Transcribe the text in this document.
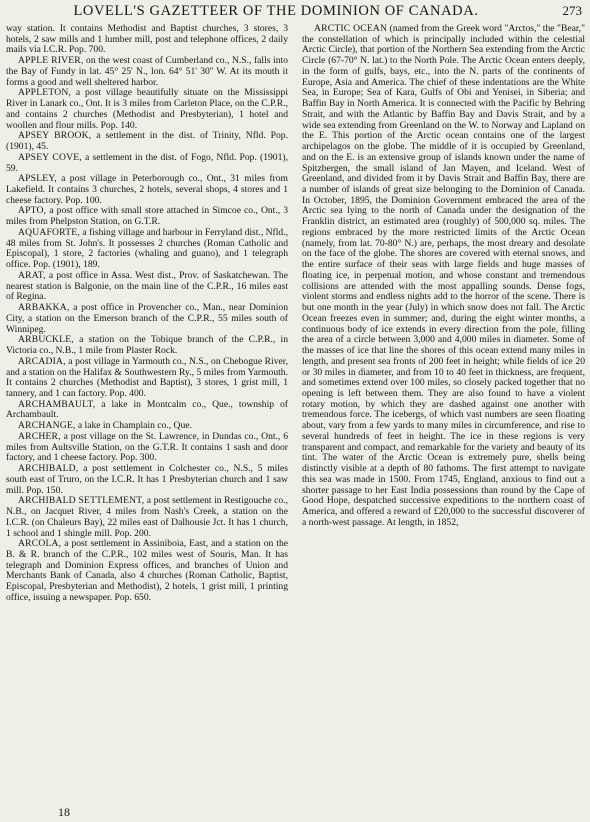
LOVELL'S GAZETTEER OF THE DOMINION OF CANADA.	273

way station. It contains Methodist and Baptist churches, 3 stores, 3 hotels, 2 saw mills and 1 lumber mill, post and telephone offices, 2 daily mails via I.C.R. Pop. 700.

APPLE RIVER, on the west coast of Cumberland co., N.S., falls into the Bay of Fundy in lat. 45° 25' N., lon. 64° 51' 30'' W. At its mouth it forms a good and well sheltered harbor.

APPLETON, a post village beautifully situate on the Mississippi River in Lanark co., Ont. It is 3 miles from Carleton Place, on the C.P.R., and contains 2 churches (Methodist and Presbyterian), 1 hotel and woollen and flour mills. Pop. 140.

APSEY BROOK, a settlement in the dist. of Trinity, Nfld. Pop. (1901), 45.

APSEY COVE, a settlement in the dist. of Fogo, Nfld. Pop. (1901), 59.

APSLEY, a post village in Peterborough co., Ont., 31 miles from Lakefield. It contains 3 churches, 2 hotels, several shops, 4 stores and 1 cheese factory. Pop. 100.

APTO, a post office with small store attached in Simcoe co., Ont., 3 miles from Phelpston Station, on G.T.R.

AQUAFORTE, a fishing village and harbour in Ferryland dist., Nfld., 48 miles from St. John's. It possesses 2 churches (Roman Catholic and Episcopal), 1 store, 2 factories (whaling and guano), and 1 telegraph office. Pop. (1901), 189.

ARAT, a post office in Assa. West dist., Prov. of Saskatchewan. The nearest station is Balgonie, on the main line of the C.P.R., 16 miles east of Regina.

ARBAKKA, a post office in Provencher co., Man., near Dominion City, a station on the Emerson branch of the C.P.R., 55 miles south of Winnipeg.

ARBUCKLE, a station on the Tobique branch of the C.P.R., in Victoria co., N.B., 1 mile from Plaster Rock.

ARCADIA, a post village in Yarmouth co., N.S., on Chebogue River, and a station on the Halifax & Southwestern Ry., 5 miles from Yarmouth. It contains 2 churches (Methodist and Baptist), 3 stores, 1 grist mill, 1 tannery, and 1 can factory. Pop. 400.

ARCHAMBAULT, a lake in Montcalm co., Que., township of Archambault.

ARCHANGE, a lake in Champlain co., Que.

ARCHER, a post village on the St. Lawrence, in Dundas co., Ont., 6 miles from Aultsville Station, on the G.T.R. It contains 1 sash and door factory, and 1 cheese factory. Pop. 300.

ARCHIBALD, a post settlement in Colchester co., N.S., 5 miles south east of Truro, on the I.C.R. It has 1 Presbyterian church and 1 saw mill. Pop. 150.

ARCHIBALD SETTLEMENT, a post settlement in Restigouche co., N.B., on Jacquet River, 4 miles from Nash's Creek, a station on the I.C.R. (on Chaleurs Bay), 22 miles east of Dalhousie Jct. It has 1 church, 1 school and 1 shingle mill. Pop. 200.

ARCOLA, a post settlement in Assiniboia, East, and a station on the B. & R. branch of the C.P.R., 102 miles west of Souris, Man. It has telegraph and Dominion Express offices, and branches of Union and Merchants Bank of Canada, also 4 churches (Roman Catholic, Baptist, Episcopal, Presbyterian and Methodist), 2 hotels, 1 grist mill, 1 printing office, issuing a newspaper. Pop. 650.

ARCTIC OCEAN (named from the Greek word "Arctos," the "Bear," the constellation of which is principally included within the celestial Arctic Circle), that portion of the Northern Sea extending from the Arctic Circle (67-70° N. lat.) to the North Pole. The Arctic Ocean enters deeply, in the form of gulfs, bays, etc., into the N. parts of the continents of Europe, Asia and America. The chief of these indentations are the White Sea, in Europe; Sea of Kara, Gulfs of Obi and Yenisei, in Siberia; and Baffin Bay in North America. It is connected with the Pacific by Behring Strait, and with the Atlantic by Baffin Bay and Davis Strait, and by a wide sea extending from Greenland on the W. to Norway and Lapland on the E. This portion of the Arctic ocean contains one of the largest archipelagos on the globe. The middle of it is occupied by Greenland, and on the E. is an extensive group of islands known under the name of Spitzbergen, the small island of Jan Mayen, and Iceland. West of Greenland, and divided from it by Davis Strait and Baffin Bay, there are a number of islands of great size belonging to the Dominion of Canada. In October, 1895, the Dominion Government embraced the area of the Arctic sea lying to the north of Canada under the designation of the Franklin district, an estimated area (roughly) of 500,000 sq. miles. The regions embraced by the more restricted limits of the Arctic Ocean (namely, from lat. 70-80° N.) are, perhaps, the most dreary and desolate on the face of the globe. The shores are covered with eternal snows, and the entire surface of their seas with large fields and huge masses of floating ice, in perpetual motion, and whose constant and tremendous collisions are attended with the most appalling sounds. Dense fogs, violent storms and endless nights add to the horror of the scene. There is but one month in the year (July) in which snow does not fall. The Arctic Ocean freezes even in summer; and, during the eight winter months, a continuous body of ice extends in every direction from the pole, filling the area of a circle between 3,000 and 4,000 miles in diameter. Some of the masses of ice that line the shores of this ocean extend many miles in length, and present sea fronts of 200 feet in height; while fields of ice 20 or 30 miles in diameter, and from 10 to 40 feet in thickness, are frequent, and sometimes extend over 100 miles, so closely packed together that no opening is left between them. They are also found to have a violent rotary motion, by which they are dashed against one another with tremendous force. The icebergs, of which vast numbers are seen floating about, vary from a few yards to many miles in circumference, and rise to several hundreds of feet in height. The ice in these regions is very transparent and compact, and remarkable for the variety and beauty of its tint. The water of the Arctic Ocean is extremely pure, shells being distinctly visible at a depth of 80 fathoms. The first attempt to navigate this sea was made in 1500. From 1745, England, anxious to find out a shorter passage to her East India possessions than round by the Cape of Good Hope, despatched successive expeditions to the northern coast of America, and offered a reward of £20,000 to the successful discoverer of a north-west passage. At length, in 1852,

18
